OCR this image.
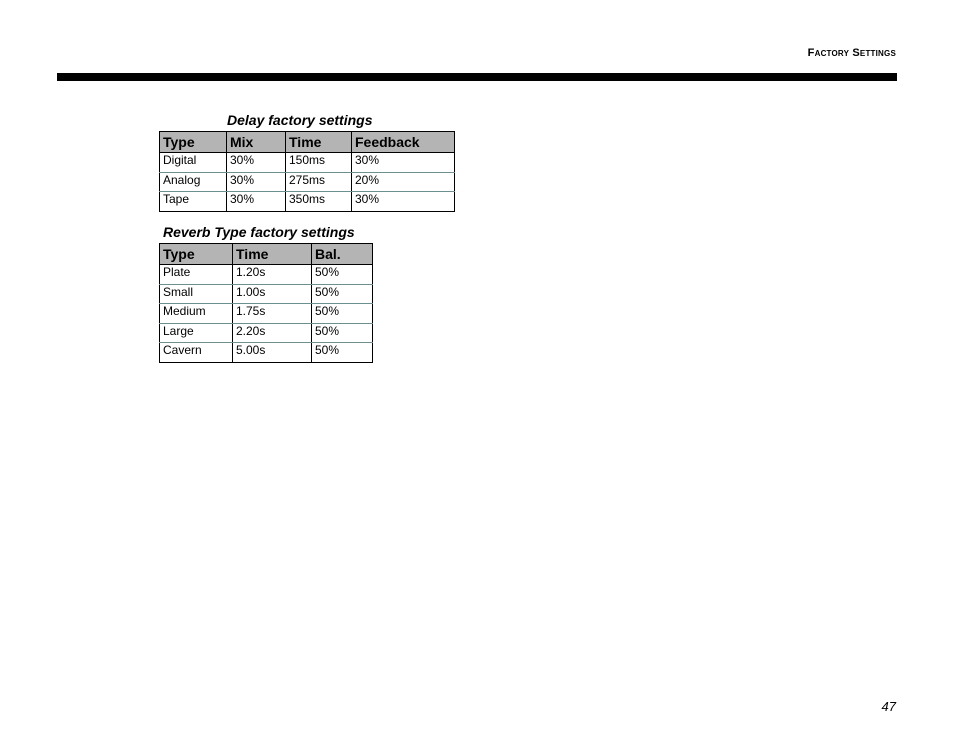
Factory Settings
Delay factory settings
Type	Mix	Time	Feedback
Digital	30%	150ms	30%
Analog	30%	275ms	20%
Tape	30%	350ms	30%
Reverb Type factory settings
Type	Time	Bal.
Plate	1.20s	50%
Small	1.00s	50%
Medium	1.75s	50%
Large	2.20s	50%
Cavern	5.00s	50%
47
